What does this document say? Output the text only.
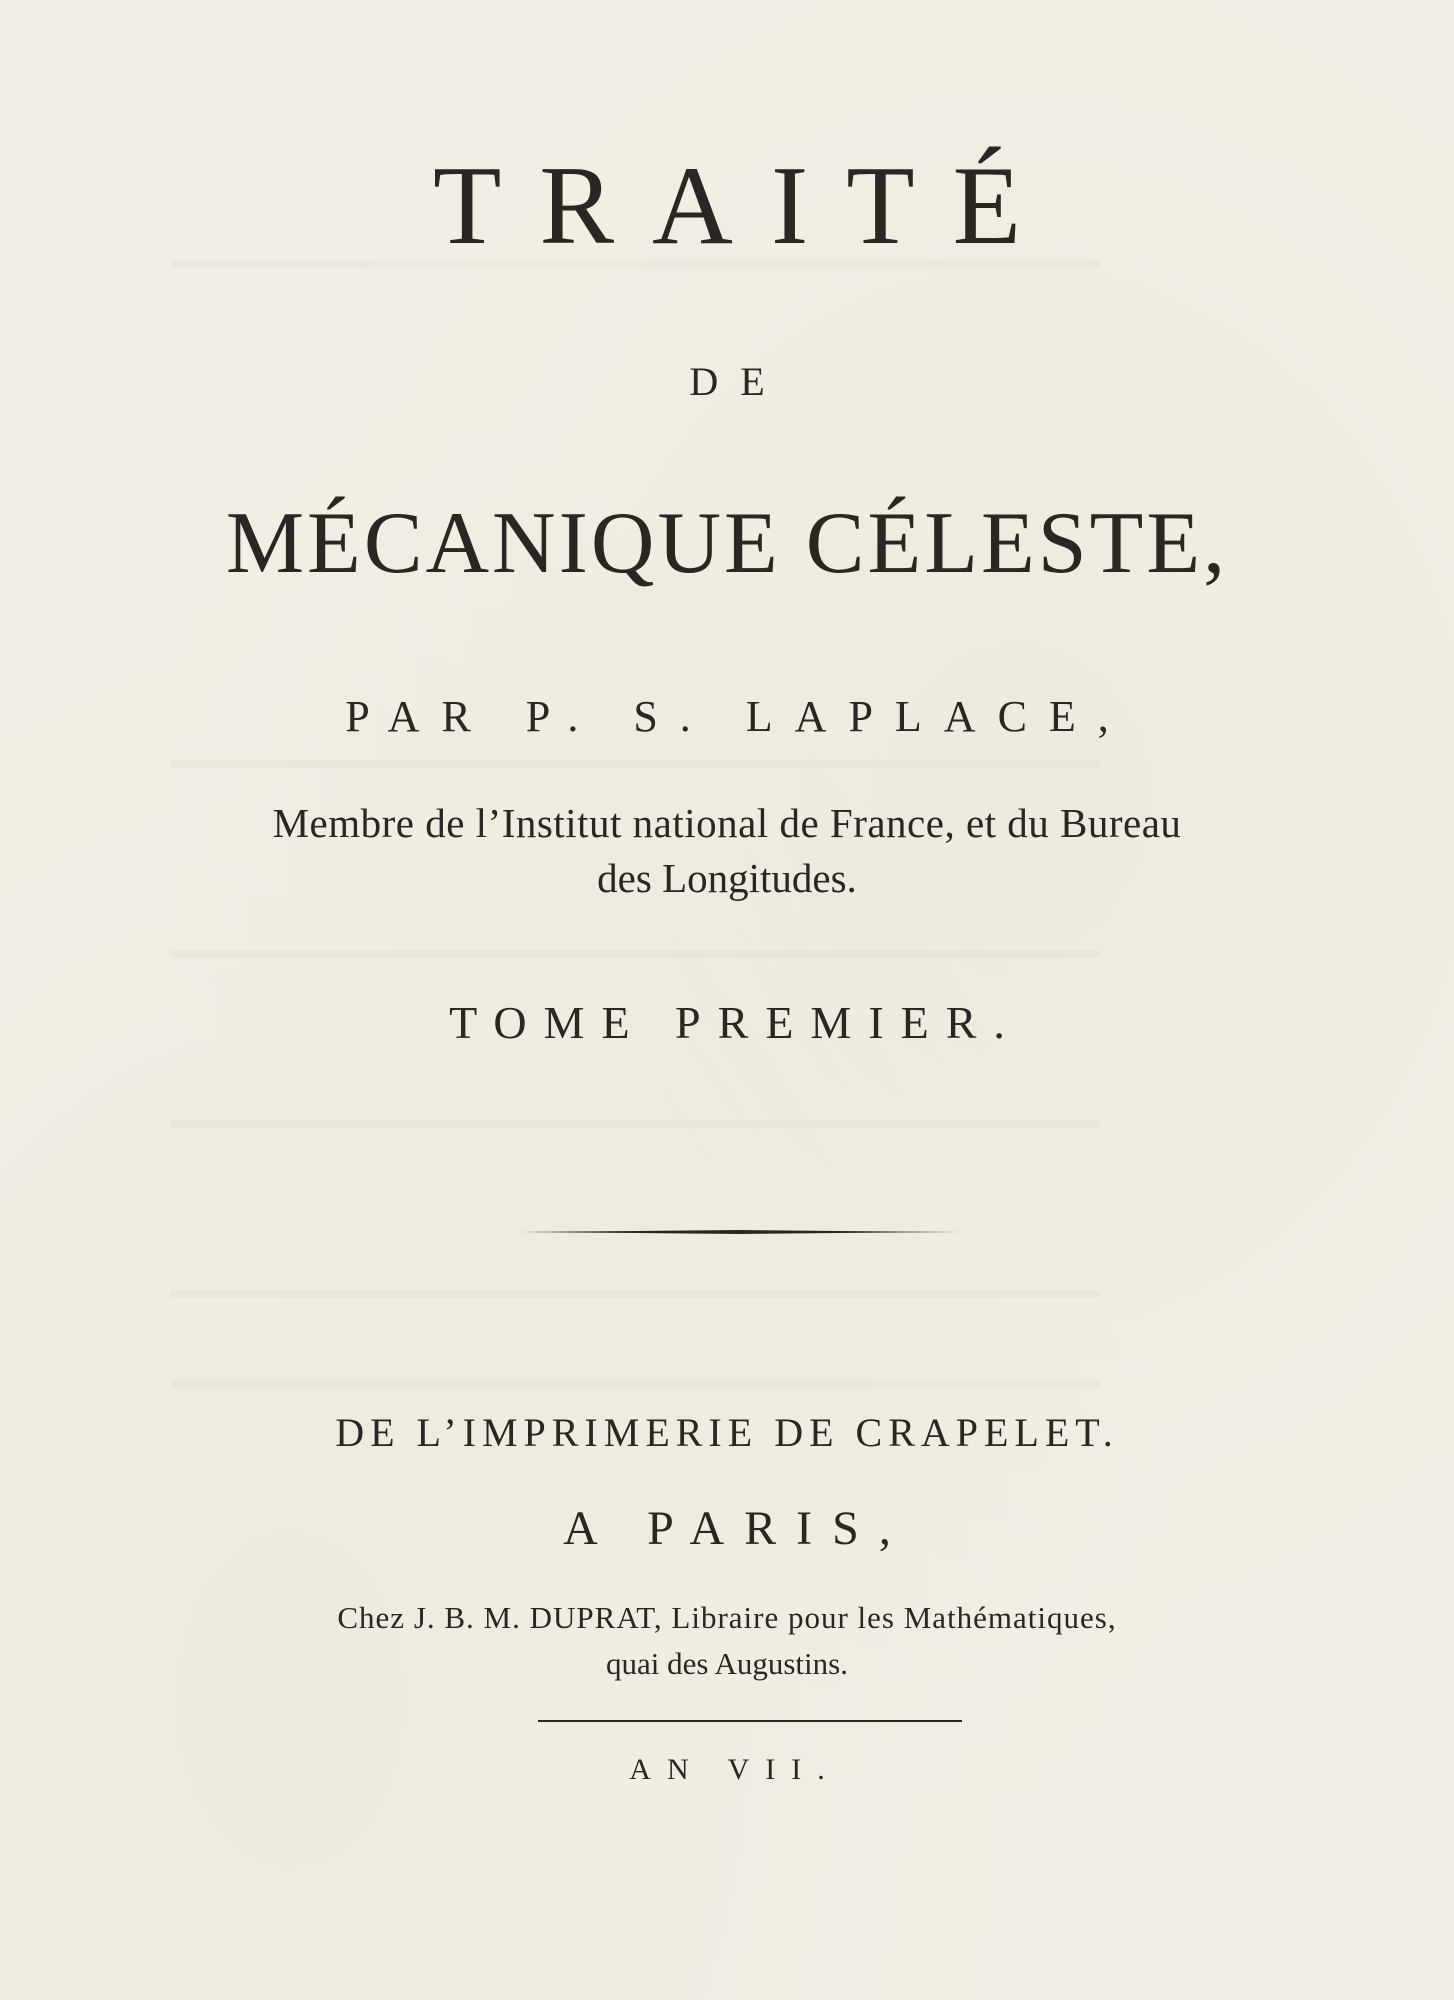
TRAITÉ
DE
MÉCANIQUE CÉLESTE,
PAR P. S. LAPLACE,
Membre de l’Institut national de France, et du Bureau
des Longitudes.
TOME PREMIER.
DE L’IMPRIMERIE DE CRAPELET.
A PARIS,
Chez J. B. M. DUPRAT, Libraire pour les Mathématiques,
quai des Augustins.
AN VII.
